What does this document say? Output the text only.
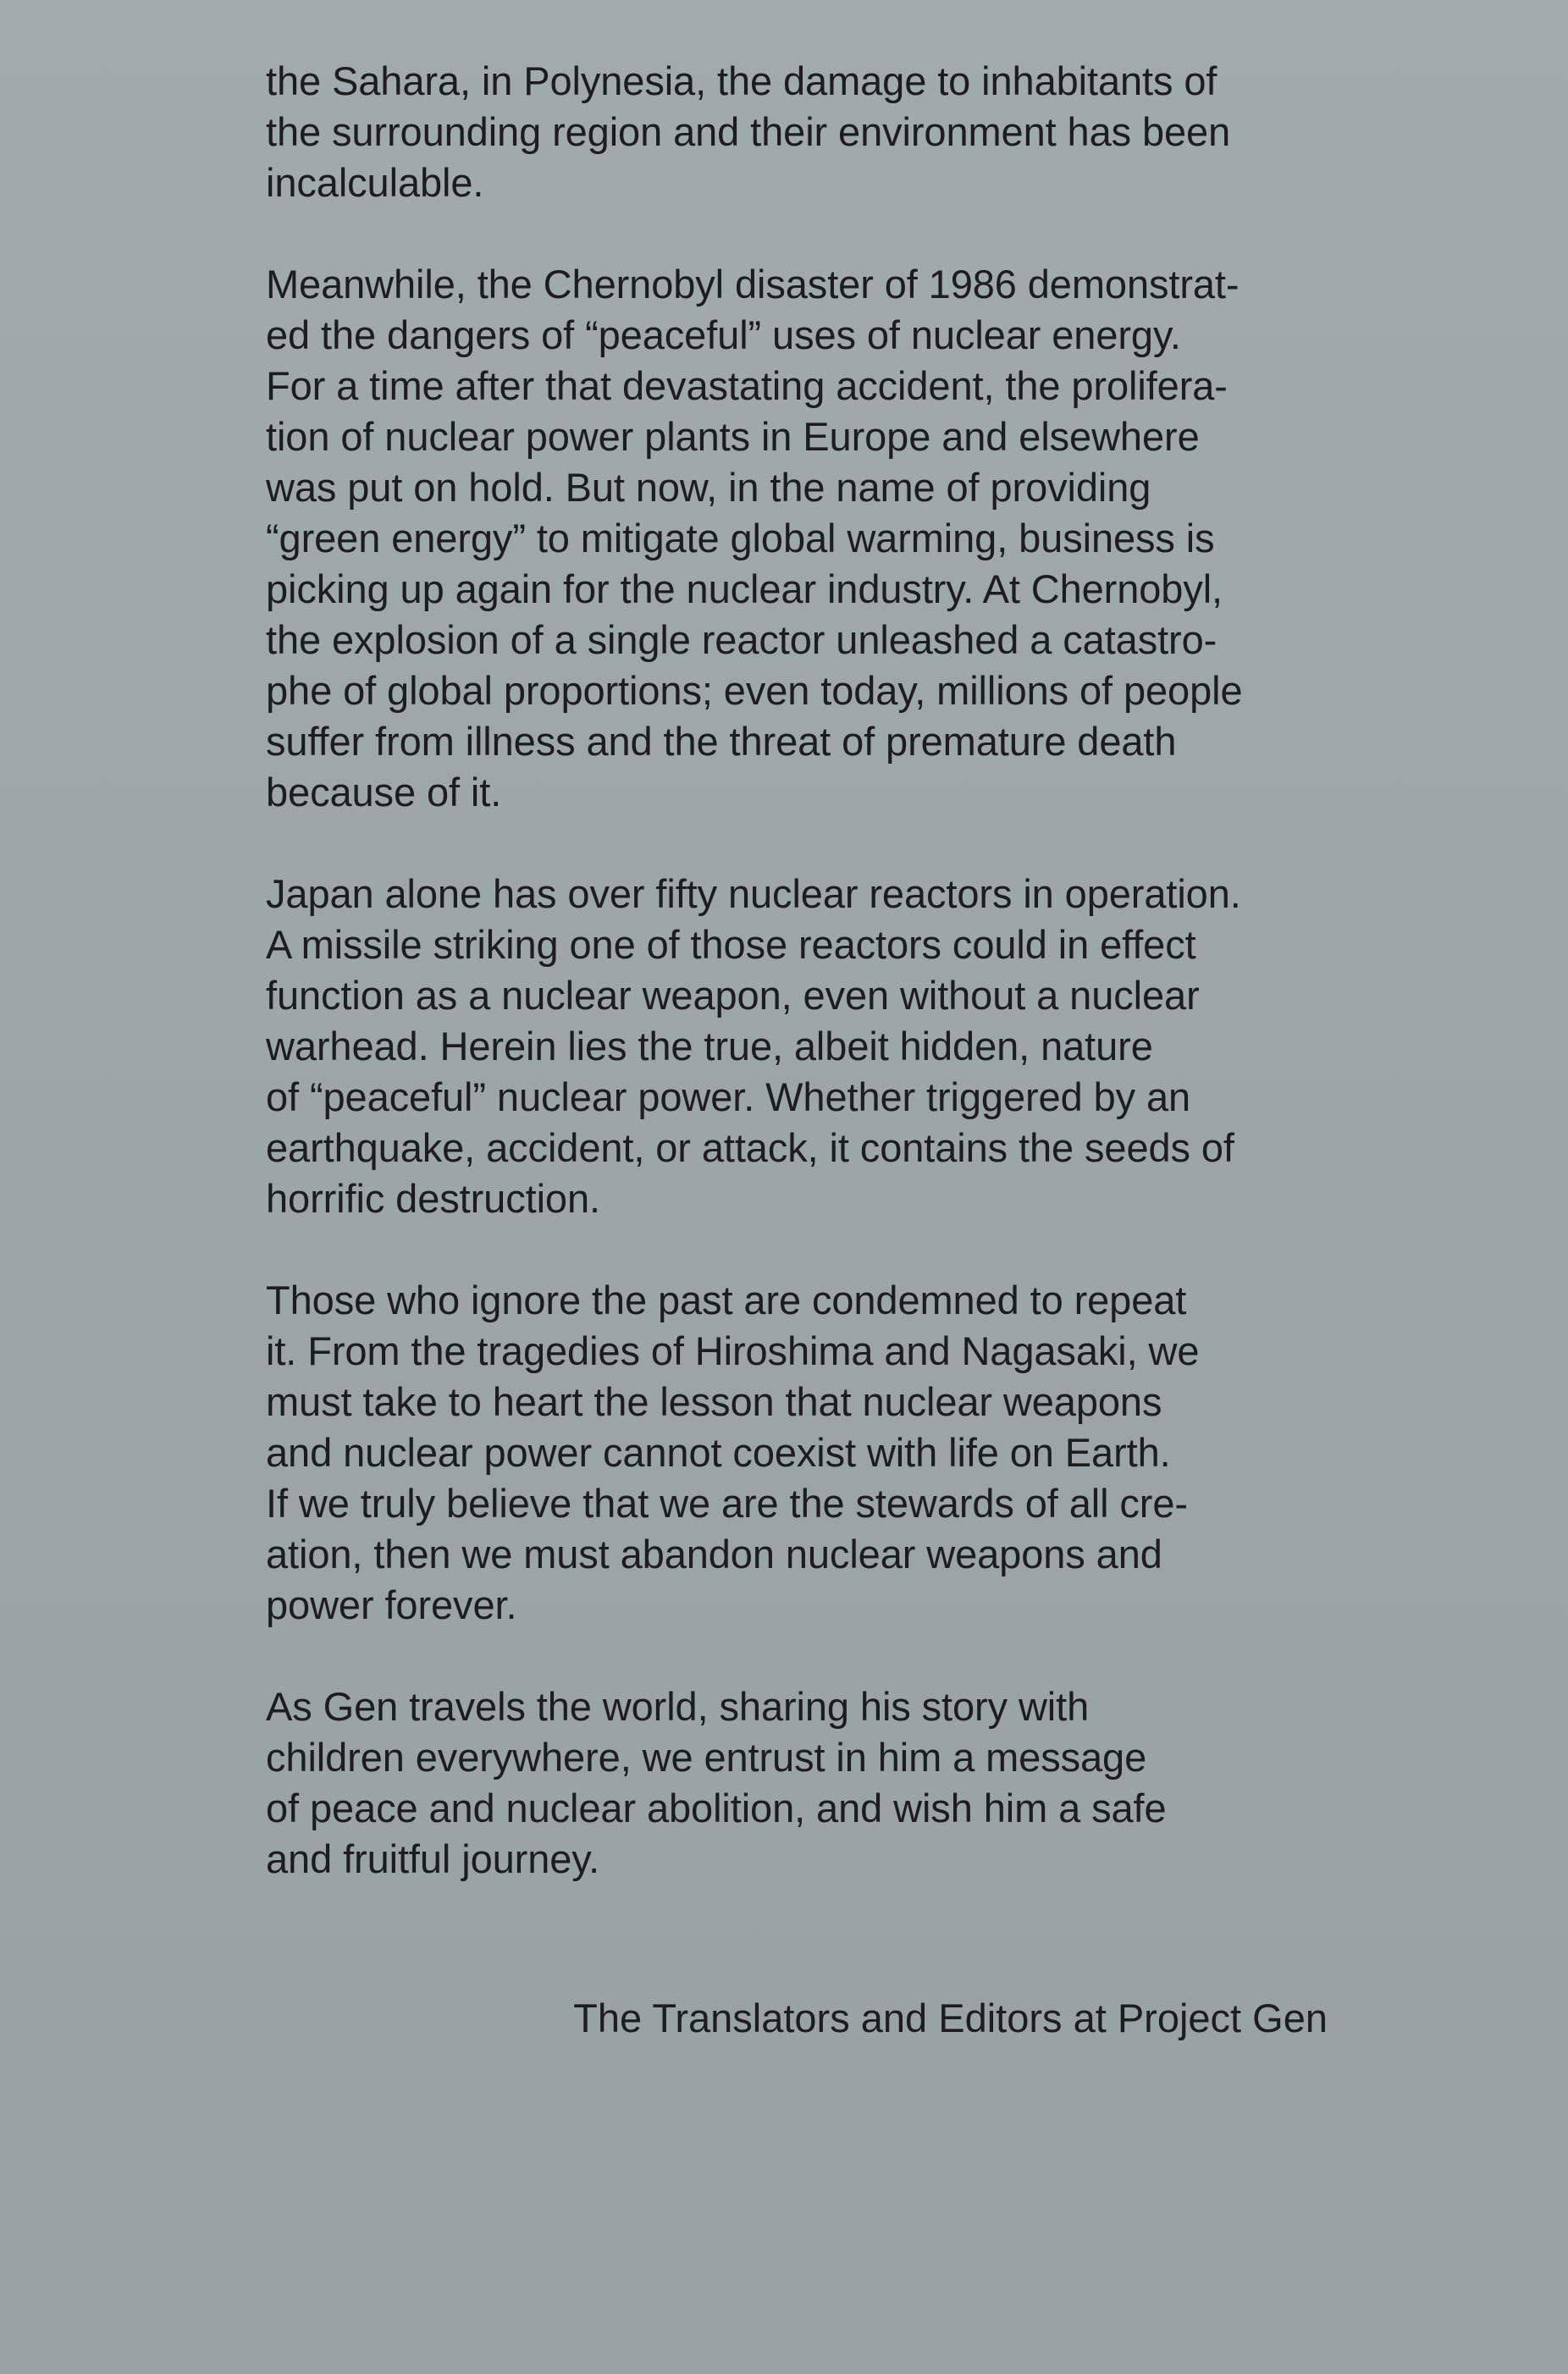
the Sahara, in Polynesia, the damage to inhabitants of
the surrounding region and their environment has been
incalculable.

Meanwhile, the Chernobyl disaster of 1986 demonstrat-
ed the dangers of “peaceful” uses of nuclear energy.
For a time after that devastating accident, the prolifera-
tion of nuclear power plants in Europe and elsewhere
was put on hold. But now, in the name of providing
“green energy” to mitigate global warming, business is
picking up again for the nuclear industry. At Chernobyl,
the explosion of a single reactor unleashed a catastro-
phe of global proportions; even today, millions of people
suffer from illness and the threat of premature death
because of it.

Japan alone has over fifty nuclear reactors in operation.
A missile striking one of those reactors could in effect
function as a nuclear weapon, even without a nuclear
warhead. Herein lies the true, albeit hidden, nature
of “peaceful” nuclear power. Whether triggered by an
earthquake, accident, or attack, it contains the seeds of
horrific destruction.

Those who ignore the past are condemned to repeat
it. From the tragedies of Hiroshima and Nagasaki, we
must take to heart the lesson that nuclear weapons
and nuclear power cannot coexist with life on Earth.
If we truly believe that we are the stewards of all cre-
ation, then we must abandon nuclear weapons and
power forever.

As Gen travels the world, sharing his story with
children everywhere, we entrust in him a message
of peace and nuclear abolition, and wish him a safe
and fruitful journey.

The Translators and Editors at Project Gen
